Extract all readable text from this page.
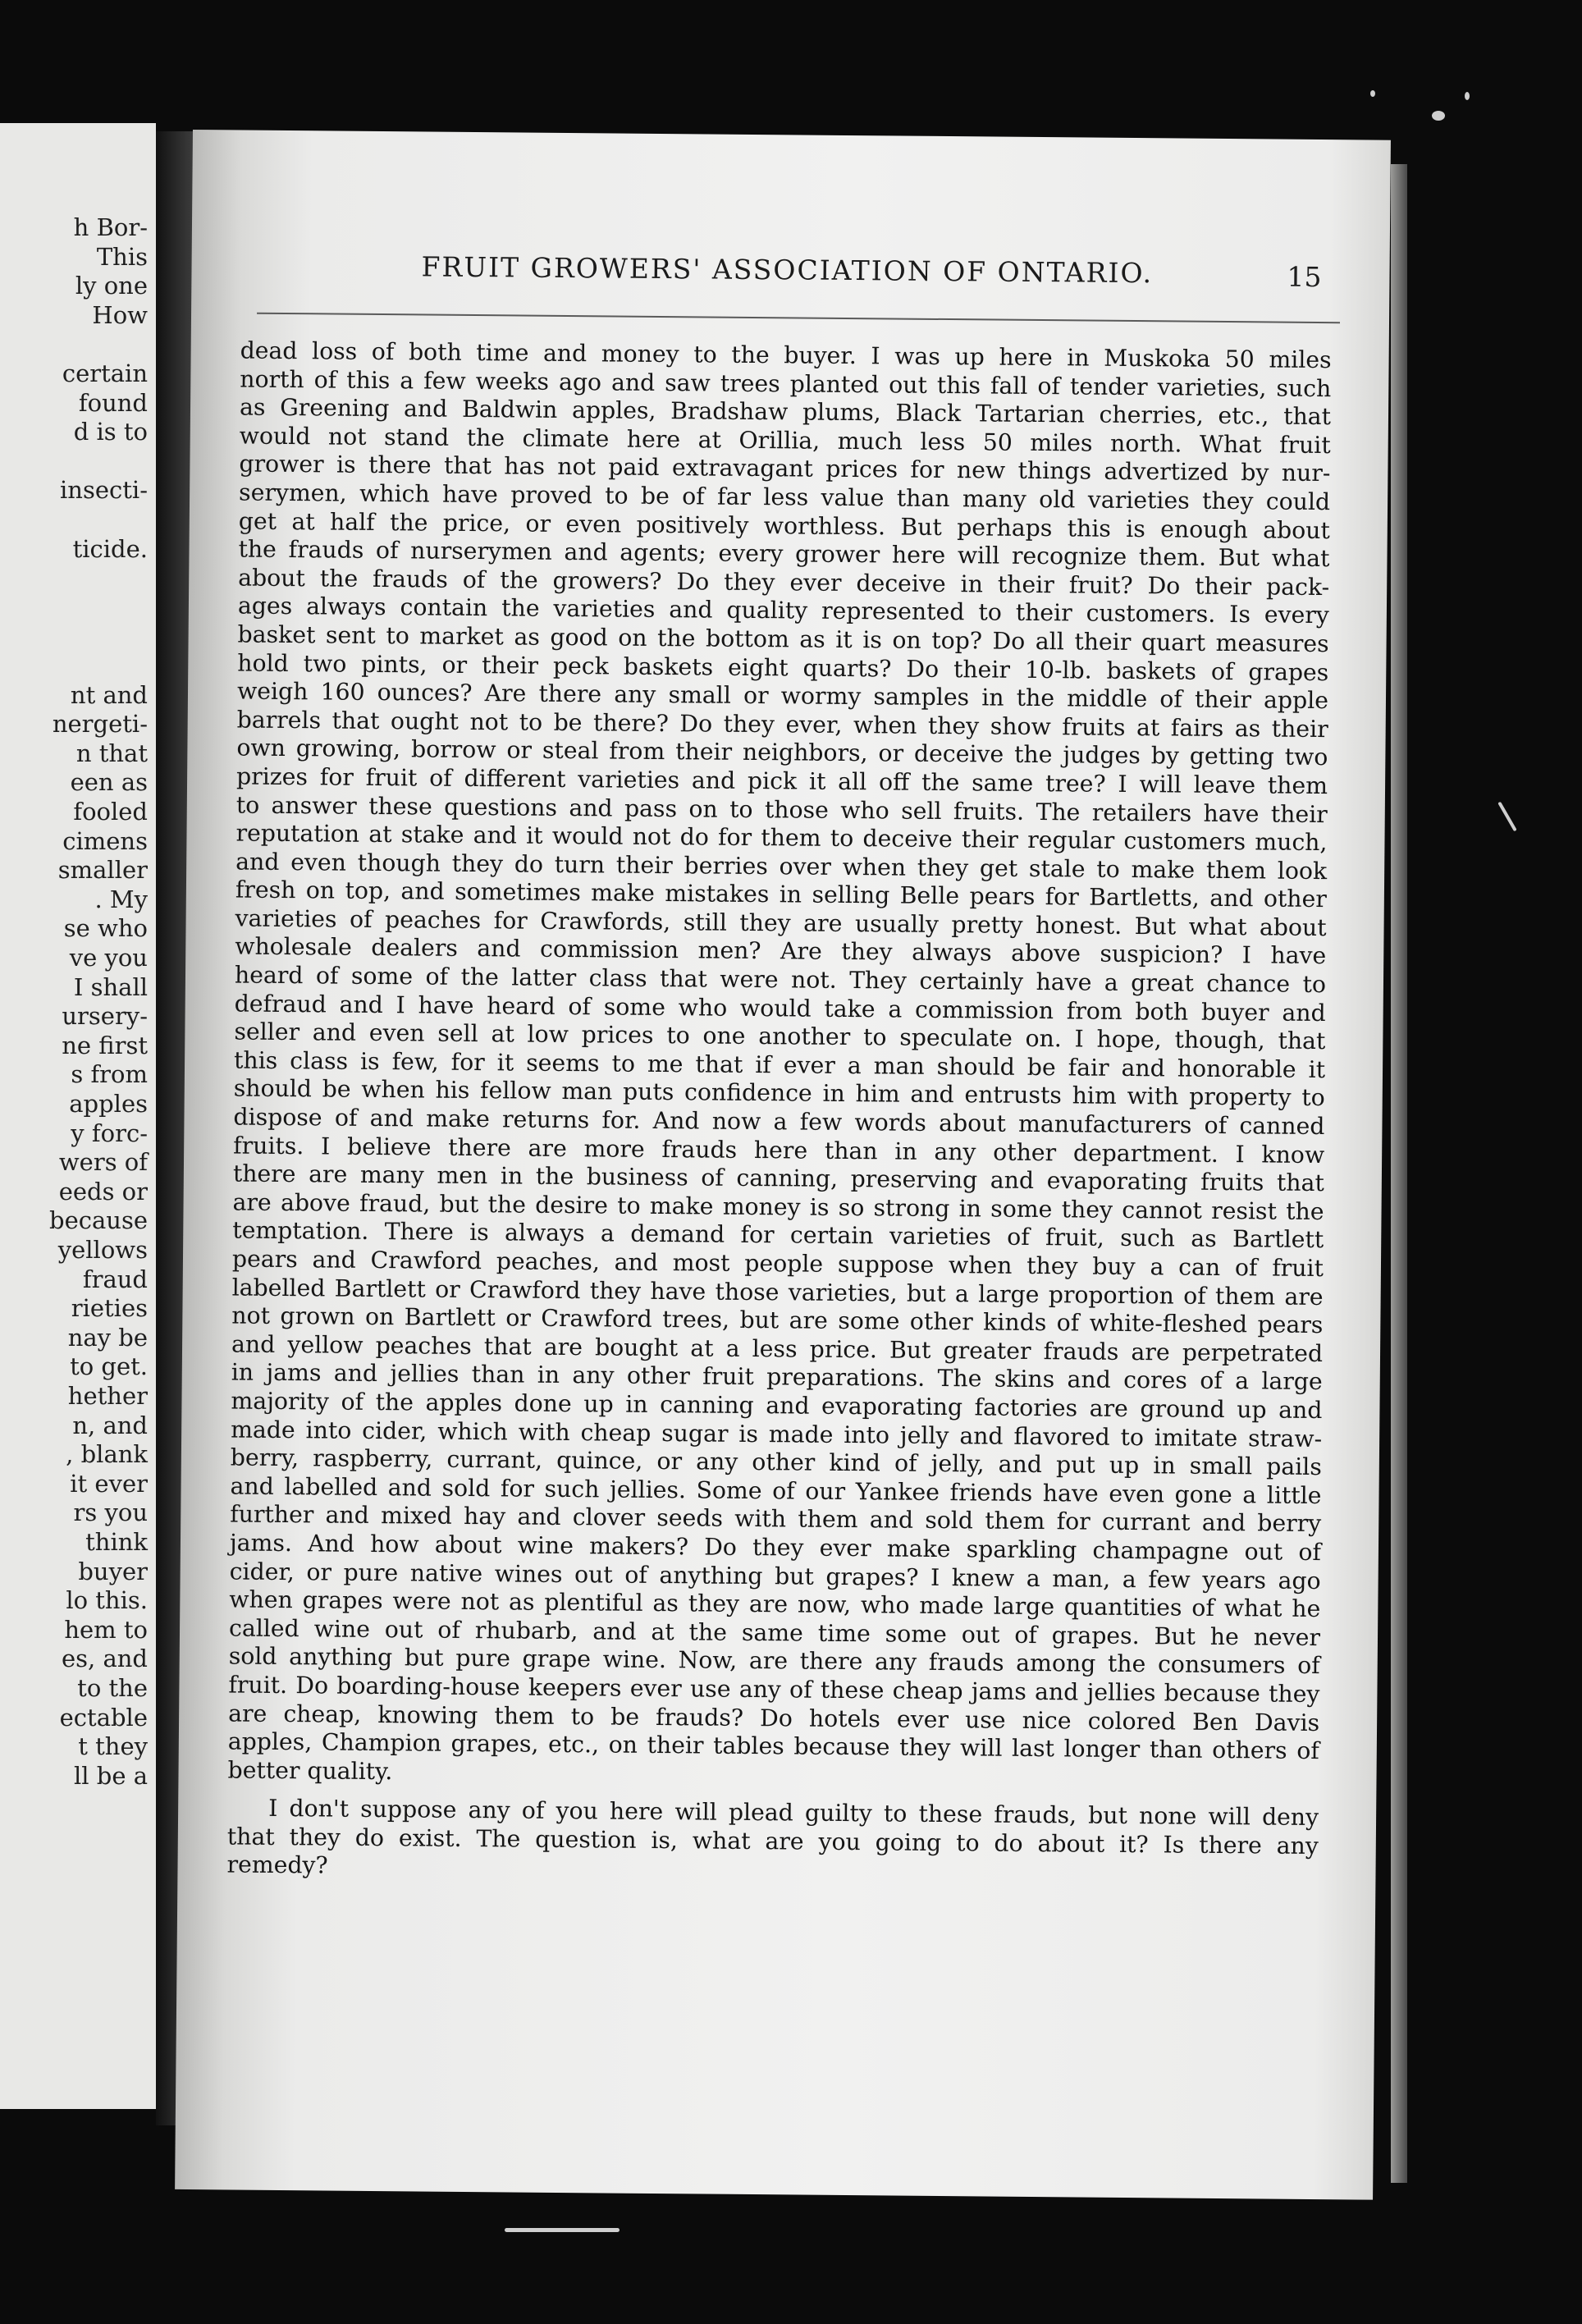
h Bor-
This
ly one
How
certain
found
d is to
insecti-
ticide.
nt and
nergeti-
n that
een as
fooled
cimens
smaller
. My
se who
ve you
I shall
ursery-
ne first
s from
apples
y forc-
wers of
eeds or
because
yellows
fraud
rieties
nay be
to get.
hether
n, and
, blank
it ever
rs you
think
buyer
lo this.
hem to
es, and
to the
ectable
t they
ll be a
FRUIT GROWERS' ASSOCIATION OF ONTARIO.	15
dead loss of both time and money to the buyer. I was up here in Muskoka 50 miles
north of this a few weeks ago and saw trees planted out this fall of tender varieties, such
as Greening and Baldwin apples, Bradshaw plums, Black Tartarian cherries, etc., that
would not stand the climate here at Orillia, much less 50 miles north. What fruit
grower is there that has not paid extravagant prices for new things advertized by nur-
serymen, which have proved to be of far less value than many old varieties they could
get at half the price, or even positively worthless. But perhaps this is enough about
the frauds of nurserymen and agents; every grower here will recognize them. But what
about the frauds of the growers? Do they ever deceive in their fruit? Do their pack-
ages always contain the varieties and quality represented to their customers. Is every
basket sent to market as good on the bottom as it is on top? Do all their quart measures
hold two pints, or their peck baskets eight quarts? Do their 10-lb. baskets of grapes
weigh 160 ounces? Are there any small or wormy samples in the middle of their apple
barrels that ought not to be there? Do they ever, when they show fruits at fairs as their
own growing, borrow or steal from their neighbors, or deceive the judges by getting two
prizes for fruit of different varieties and pick it all off the same tree? I will leave them
to answer these questions and pass on to those who sell fruits. The retailers have their
reputation at stake and it would not do for them to deceive their regular customers much,
and even though they do turn their berries over when they get stale to make them look
fresh on top, and sometimes make mistakes in selling Belle pears for Bartletts, and other
varieties of peaches for Crawfords, still they are usually pretty honest. But what about
wholesale dealers and commission men? Are they always above suspicion? I have
heard of some of the latter class that were not. They certainly have a great chance to
defraud and I have heard of some who would take a commission from both buyer and
seller and even sell at low prices to one another to speculate on. I hope, though, that
this class is few, for it seems to me that if ever a man should be fair and honorable it
should be when his fellow man puts confidence in him and entrusts him with property to
dispose of and make returns for. And now a few words about manufacturers of canned
fruits. I believe there are more frauds here than in any other department. I know
there are many men in the business of canning, preserving and evaporating fruits that
are above fraud, but the desire to make money is so strong in some they cannot resist the
temptation. There is always a demand for certain varieties of fruit, such as Bartlett
pears and Crawford peaches, and most people suppose when they buy a can of fruit
labelled Bartlett or Crawford they have those varieties, but a large proportion of them are
not grown on Bartlett or Crawford trees, but are some other kinds of white-fleshed pears
and yellow peaches that are bought at a less price. But greater frauds are perpetrated
in jams and jellies than in any other fruit preparations. The skins and cores of a large
majority of the apples done up in canning and evaporating factories are ground up and
made into cider, which with cheap sugar is made into jelly and flavored to imitate straw-
berry, raspberry, currant, quince, or any other kind of jelly, and put up in small pails
and labelled and sold for such jellies. Some of our Yankee friends have even gone a little
further and mixed hay and clover seeds with them and sold them for currant and berry
jams. And how about wine makers? Do they ever make sparkling champagne out of
cider, or pure native wines out of anything but grapes? I knew a man, a few years ago
when grapes were not as plentiful as they are now, who made large quantities of what he
called wine out of rhubarb, and at the same time some out of grapes. But he never
sold anything but pure grape wine. Now, are there any frauds among the consumers of
fruit. Do boarding-house keepers ever use any of these cheap jams and jellies because they
are cheap, knowing them to be frauds? Do hotels ever use nice colored Ben Davis
apples, Champion grapes, etc., on their tables because they will last longer than others of
better quality.
I don't suppose any of you here will plead guilty to these frauds, but none will deny
that they do exist. The question is, what are you going to do about it? Is there any
remedy?
